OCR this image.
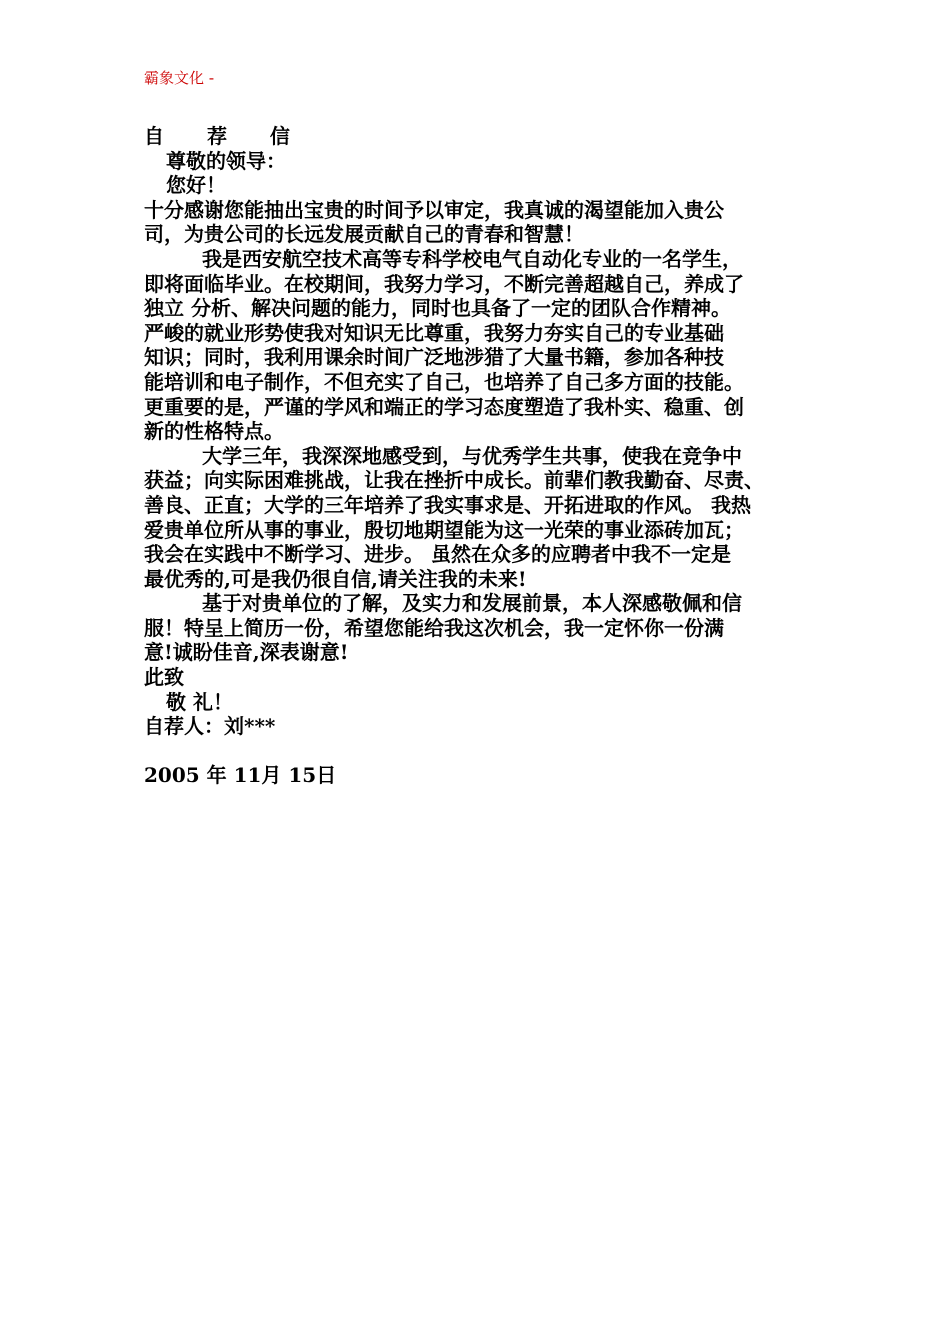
霸象文化 -
自 荐 信
尊敬的领导：
您好！
十分感谢您能抽出宝贵的时间予以审定，我真诚的渴望能加入贵公
司，为贵公司的长远发展贡献自己的青春和智慧！
我是西安航空技术高等专科学校电气自动化专业的一名学生，
即将面临毕业。在校期间，我努力学习，不断完善超越自己，养成了
独立 分析、解决问题的能力，同时也具备了一定的团队合作精神。
严峻的就业形势使我对知识无比尊重，我努力夯实自己的专业基础
知识；同时，我利用课余时间广泛地涉猎了大量书籍，参加各种技
能培训和电子制作，不但充实了自己，也培养了自己多方面的技能。
更重要的是，严谨的学风和端正的学习态度塑造了我朴实、稳重、创
新的性格特点。
大学三年，我深深地感受到，与优秀学生共事，使我在竞争中
获益；向实际困难挑战，让我在挫折中成长。前辈们教我勤奋、尽责、
善良、正直；大学的三年培养了我实事求是、开拓进取的作风。 我热
爱贵单位所从事的事业，殷切地期望能为这一光荣的事业添砖加瓦；
我会在实践中不断学习、进步。 虽然在众多的应聘者中我不一定是
最优秀的,可是我仍很自信,请关注我的未来!
基于对贵单位的了解，及实力和发展前景，本人深感敬佩和信
服！特呈上简历一份，希望您能给我这次机会，我一定怀你一份满
意!诚盼佳音,深表谢意!
此致
敬 礼！
自荐人：刘***
2005 年 11月 15日
